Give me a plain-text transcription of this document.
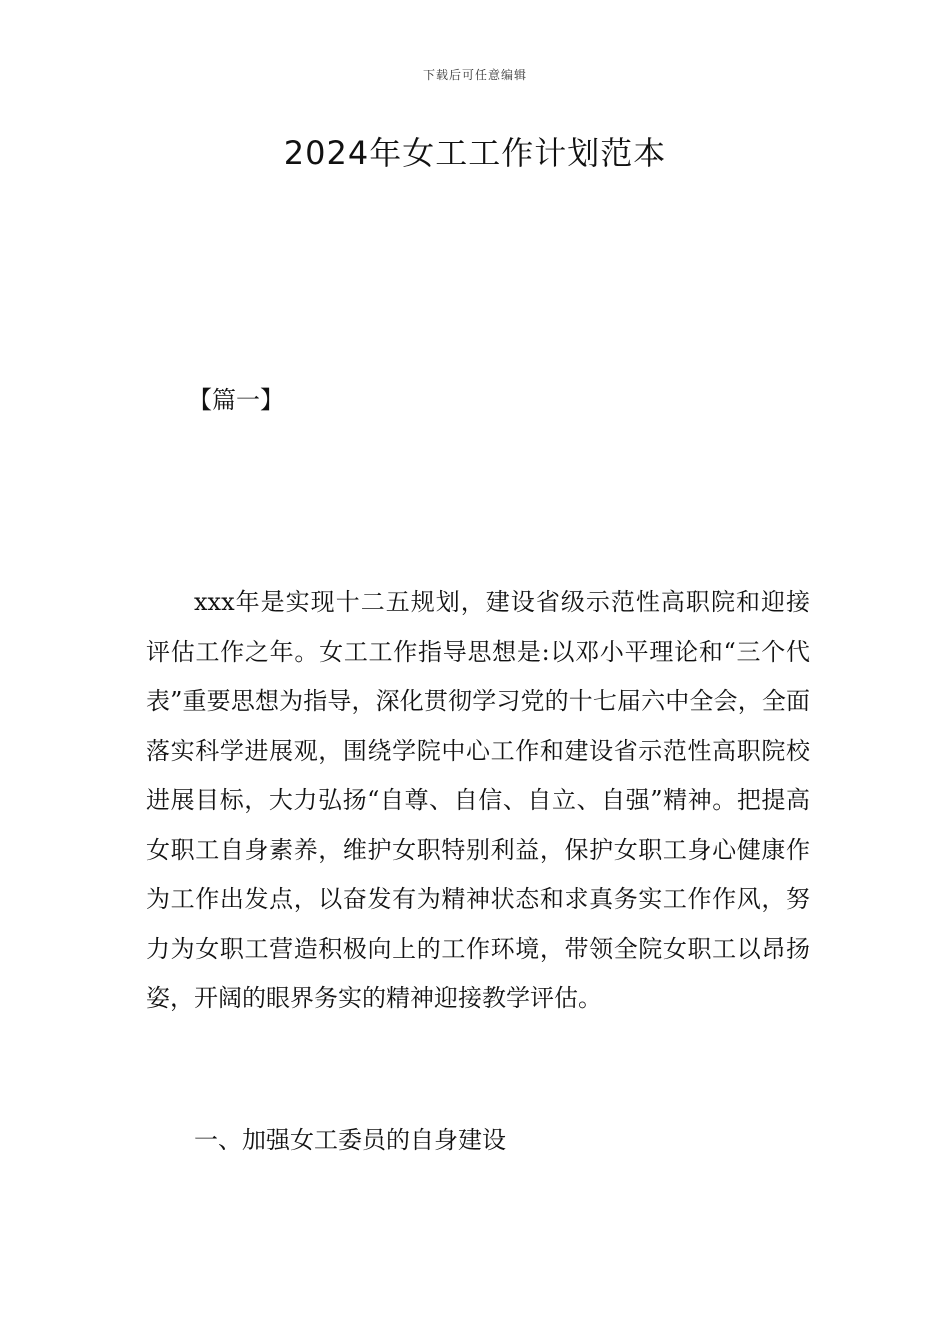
下载后可任意编辑
2024年女工工作计划范本

【篇一】

xxx年是实现十二五规划，建设省级示范性高职院和迎接评估工作之年。女工工作指导思想是:以邓小平理论和“三个代表”重要思想为指导，深化贯彻学习党的十七届六中全会，全面落实科学进展观，围绕学院中心工作和建设省示范性高职院校进展目标，大力弘扬“自尊、自信、自立、自强”精神。把提高女职工自身素养，维护女职特别利益，保护女职工身心健康作为工作出发点，以奋发有为精神状态和求真务实工作作风，努力为女职工营造积极向上的工作环境，带领全院女职工以昂扬姿，开阔的眼界务实的精神迎接教学评估。

一、加强女工委员的自身建设
